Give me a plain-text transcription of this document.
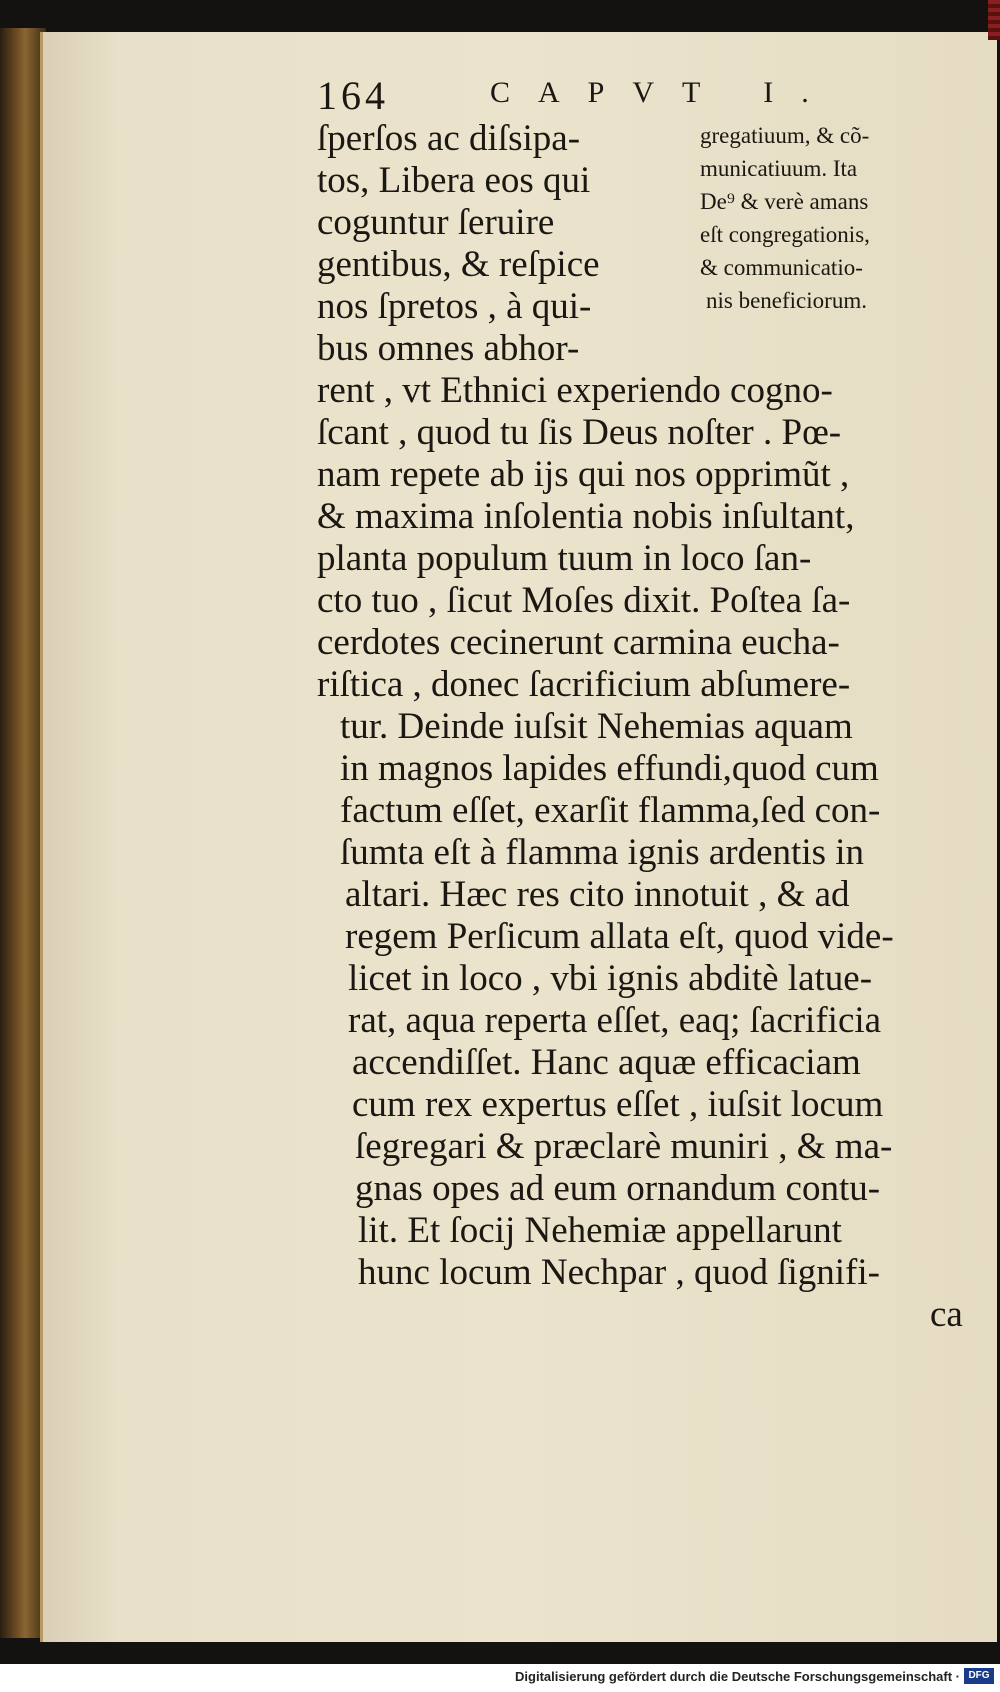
164	CAPVT I.
ſperſos ac diſsipa-
tos, Libera eos qui
coguntur ſeruire
gentibus, & reſpice
nos ſpretos , à qui-
bus omnes abhor-
rent , vt Ethnici experiendo cogno-
ſcant , quod tu ſis Deus noſter . Pœ-
nam repete ab ijs qui nos opprimũt ,
& maxima inſolentia nobis inſultant,
planta populum tuum in loco ſan-
cto tuo , ſicut Moſes dixit. Poſtea ſa-
cerdotes cecinerunt carmina eucha-
riſtica , donec ſacrificium abſumere-
tur. Deinde iuſsit Nehemias aquam
in magnos lapides effundi,quod cum
factum eſſet, exarſit flamma,ſed con-
ſumta eſt à flamma ignis ardentis in
altari. Hæc res cito innotuit , & ad
regem Perſicum allata eſt, quod vide-
licet in loco , vbi ignis abditè latue-
rat, aqua reperta eſſet, eaq; ſacrificia
accendiſſet. Hanc aquæ efficaciam
cum rex expertus eſſet , iuſsit locum
ſegregari & præclarè muniri , & ma-
gnas opes ad eum ornandum contu-
lit. Et ſocij Nehemiæ appellarunt
hunc locum Nechpar , quod ſignifi-
ca
gregatiuum, & cõ-
municatiuum. Ita
De⁹ & verè amans
eſt congregationis,
& communicatio-
nis beneficiorum.
Digitalisierung gefördert durch die Deutsche Forschungsgemeinschaft · DFG
